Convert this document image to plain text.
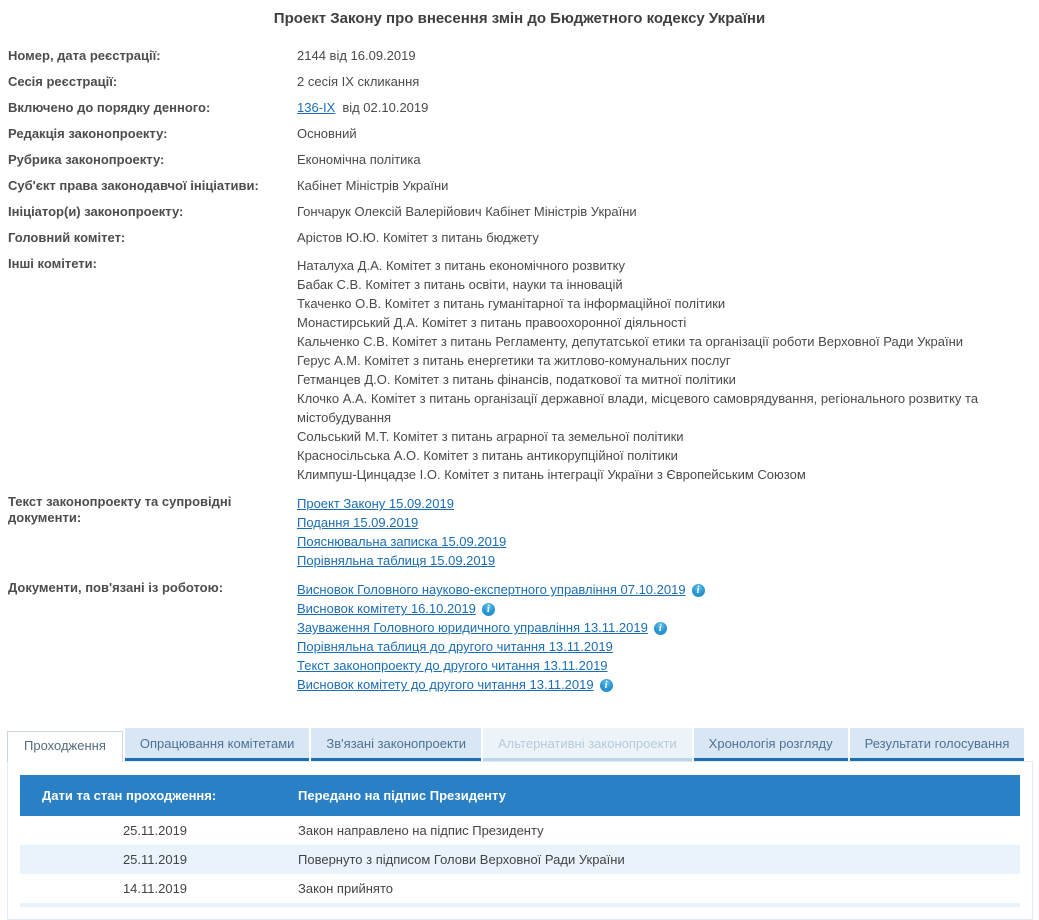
Проект Закону про внесення змін до Бюджетного кодексу України
Номер, дата реєстрації:	2144 від 16.09.2019
Сесія реєстрації:	2 сесія IX скликання
Включено до порядку денного:	136-IX від 02.10.2019
Редакція законопроекту:	Основний
Рубрика законопроекту:	Економічна політика
Суб'єкт права законодавчої ініціативи:	Кабінет Міністрів України
Ініціатор(и) законопроекту:	Гончарук Олексій Валерійович Кабінет Міністрів України
Головний комітет:	Арістов Ю.Ю. Комітет з питань бюджету
Інші комітети:	Наталуха Д.А. Комітет з питань економічного розвитку
Бабак С.В. Комітет з питань освіти, науки та інновацій
Ткаченко О.В. Комітет з питань гуманітарної та інформаційної політики
Монастирський Д.А. Комітет з питань правоохоронної діяльності
Кальченко С.В. Комітет з питань Регламенту, депутатської етики та організації роботи Верховної Ради України
Герус А.М. Комітет з питань енергетики та житлово-комунальних послуг
Гетманцев Д.О. Комітет з питань фінансів, податкової та митної політики
Клочко А.А. Комітет з питань організації державної влади, місцевого самоврядування, регіонального розвитку та містобудування
Сольський М.Т. Комітет з питань аграрної та земельної політики
Красносільська А.О. Комітет з питань антикорупційної політики
Климпуш-Цинцадзе І.О. Комітет з питань інтеграції України з Європейським Союзом
Текст законопроекту та супровідні документи:
Проект Закону 15.09.2019
Подання 15.09.2019
Пояснювальна записка 15.09.2019
Порівняльна таблиця 15.09.2019
Документи, пов'язані із роботою:	Висновок Головного науково-експертного управління 07.10.2019 i
Висновок комітету 16.10.2019 i
Зауваження Головного юридичного управління 13.11.2019 i
Порівняльна таблиця до другого читання 13.11.2019
Текст законопроекту до другого читання 13.11.2019
Висновок комітету до другого читання 13.11.2019 i
Проходження	Опрацювання комітетами	Зв'язані законопроекти	Альтернативні законопроекти	Хронологія розгляду	Результати голосування
Дати та стан проходження:	Передано на підпис Президенту
25.11.2019	Закон направлено на підпис Президенту
25.11.2019	Повернуто з підписом Голови Верховної Ради України
14.11.2019	Закон прийнято
